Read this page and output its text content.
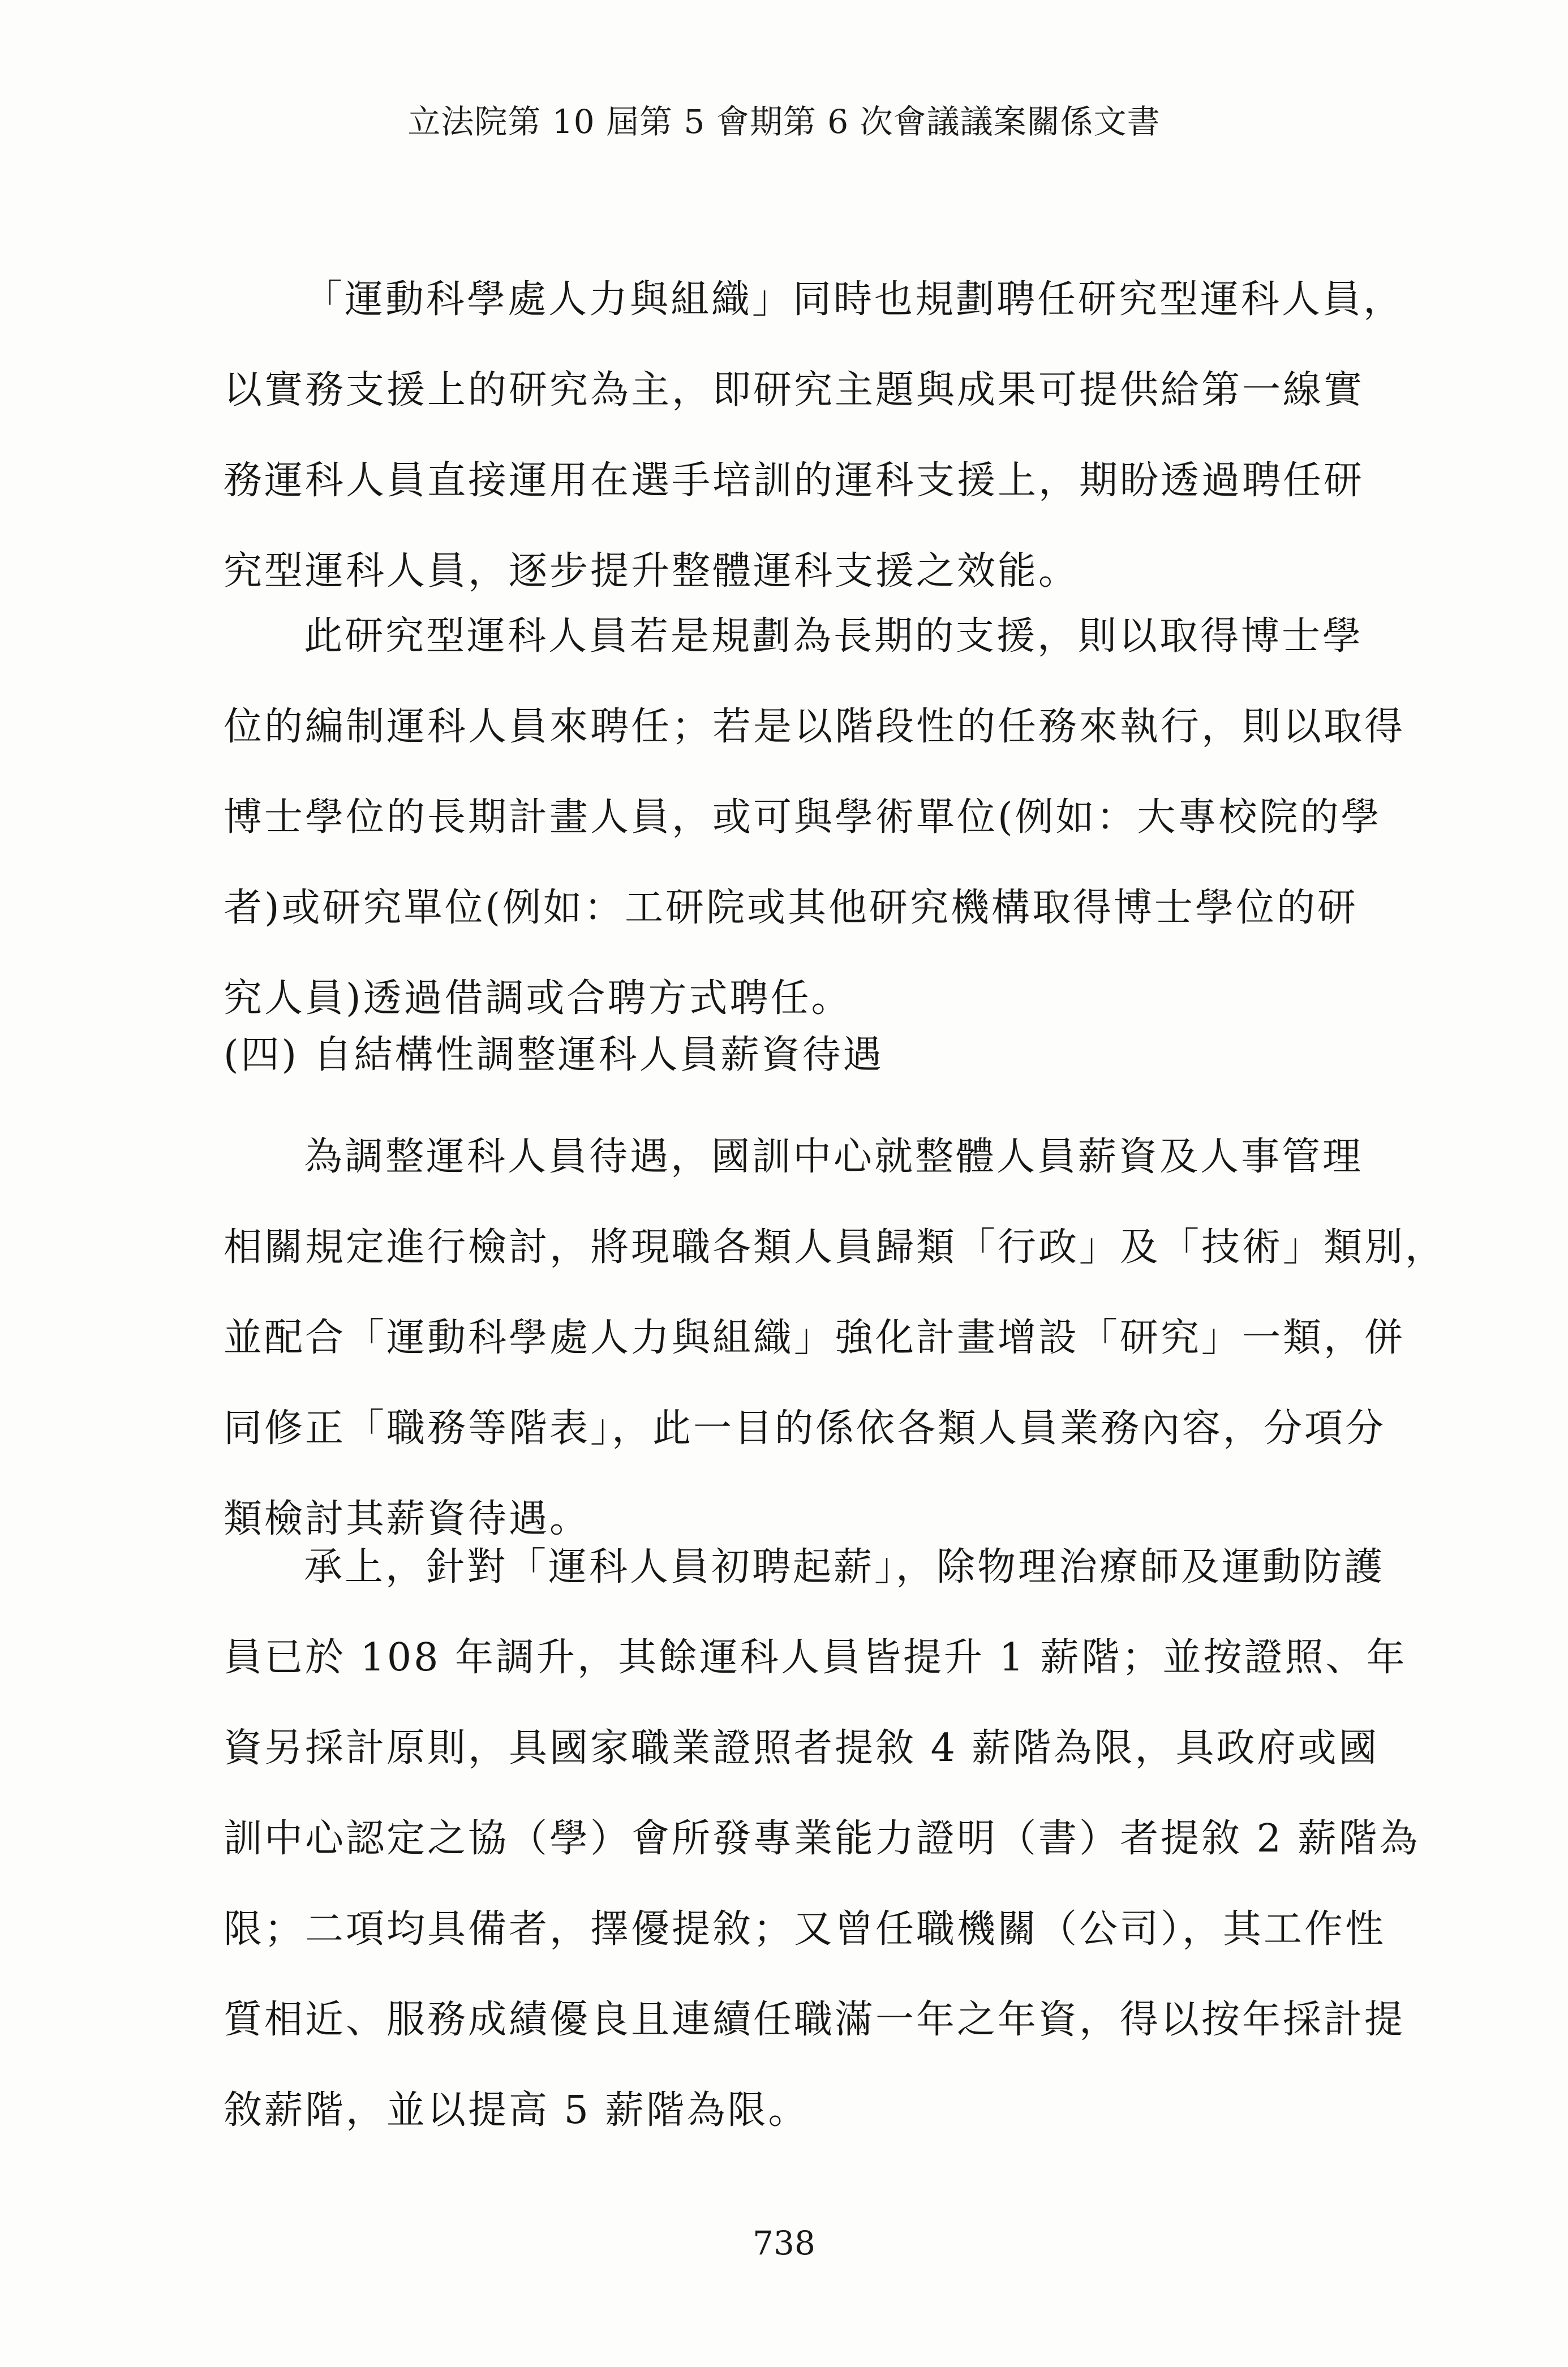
立法院第 10 屆第 5 會期第 6 次會議議案關係文書
「運動科學處人力與組織」同時也規劃聘任研究型運科人員，
以實務支援上的研究為主，即研究主題與成果可提供給第一線實
務運科人員直接運用在選手培訓的運科支援上，期盼透過聘任研
究型運科人員，逐步提升整體運科支援之效能。
此研究型運科人員若是規劃為長期的支援，則以取得博士學
位的編制運科人員來聘任；若是以階段性的任務來執行，則以取得
博士學位的長期計畫人員，或可與學術單位(例如：大專校院的學
者)或研究單位(例如：工研院或其他研究機構取得博士學位的研
究人員)透過借調或合聘方式聘任。
(四) 自結構性調整運科人員薪資待遇
為調整運科人員待遇，國訓中心就整體人員薪資及人事管理
相關規定進行檢討，將現職各類人員歸類「行政」及「技術」類別，
並配合「運動科學處人力與組織」強化計畫增設「研究」一類，併
同修正「職務等階表」，此一目的係依各類人員業務內容，分項分
類檢討其薪資待遇。
承上，針對「運科人員初聘起薪」，除物理治療師及運動防護
員已於 108 年調升，其餘運科人員皆提升 1 薪階；並按證照、年
資另採計原則，具國家職業證照者提敘 4 薪階為限，具政府或國
訓中心認定之協（學）會所發專業能力證明（書）者提敘 2 薪階為
限；二項均具備者，擇優提敘；又曾任職機關（公司），其工作性
質相近、服務成績優良且連續任職滿一年之年資，得以按年採計提
敘薪階，並以提高 5 薪階為限。
738
